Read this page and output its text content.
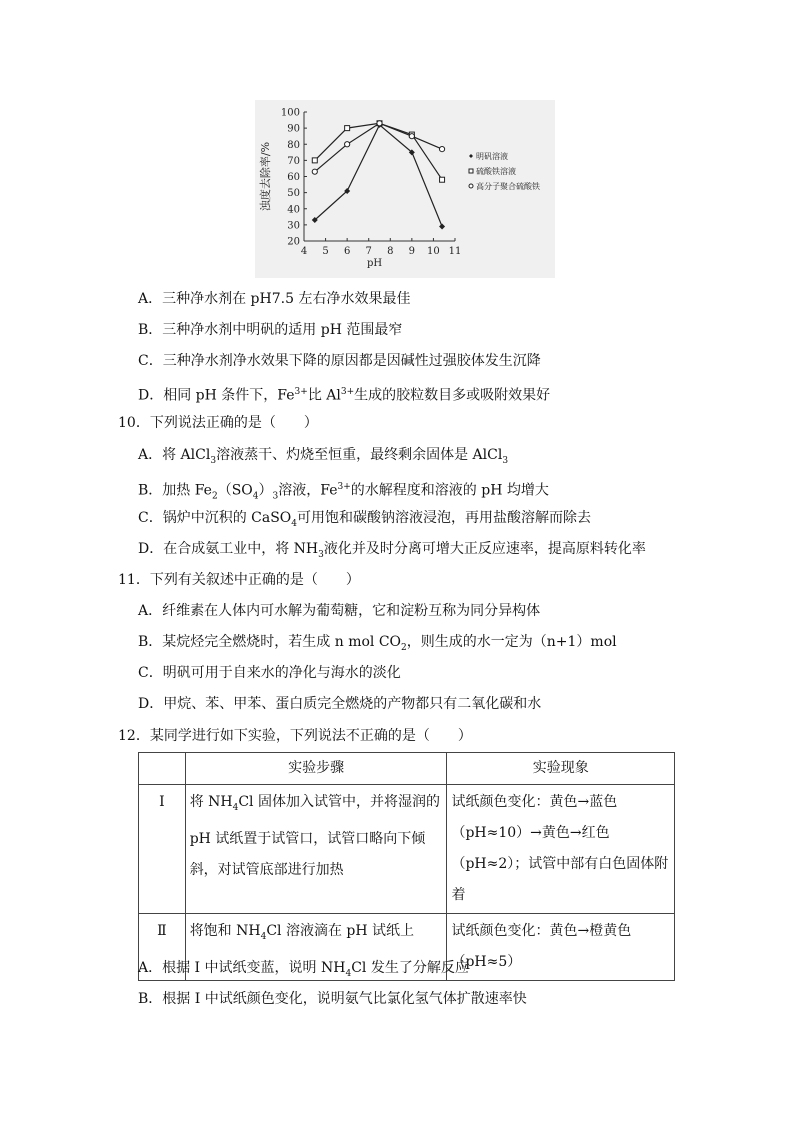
4 5 6 7 8 9 10 11
20
30
40
50
60
70
80
90
100
pH
浊度去除率/%	明矾溶液
硫酸铁溶液
高分子聚合硫酸铁
A．三种净水剂在 pH7.5 左右净水效果最佳
B．三种净水剂中明矾的适用 pH 范围最窄
C．三种净水剂净水效果下降的原因都是因碱性过强胶体发生沉降
D．相同 pH 条件下，$Fe^{3+}$比 $Al^{3+}$生成的胶粒数目多或吸附效果好
10．下列说法正确的是（　　）
A．将 AlCl$_3$溶液蒸干、灼烧至恒重，最终剩余固体是 AlCl$_3$
B．加热 $Fe_2(SO_4)_3$溶液，$Fe^{3+}$的水解程度和溶液的 pH 均增大
C．锅炉中沉积的 CaSO$_4$可用饱和碳酸钠溶液浸泡，再用盐酸溶解而除去
D．在合成氨工业中，将 $NH_3$液化并及时分离可增大正反应速率，提高原料转化率
11．下列有关叙述中正确的是（　　）
A．纤维素在人体内可水解为葡萄糖，它和淀粉互称为同分异构体
B．某烷烃完全燃烧时，若生成 n mol $CO_2$，则生成的水一定为（n+1）mol
C．明矾可用于自来水的净化与海水的淡化
D．甲烷、苯、甲苯、蛋白质完全燃烧的产物都只有二氧化碳和水
12．某同学进行如下实验，下列说法不正确的是（　　）
	实验步骤	实验现象
Ⅰ	将 $NH_4Cl$ 固体加入试管中，并将湿润的 pH 试纸置于试管口，试管口略向下倾斜，对试管底部进行加热	试纸颜色变化：黄色→蓝色（pH≈10）→黄色→红色（pH≈2）；试管中部有白色固体附着
Ⅱ	将饱和 $NH_4Cl$ 溶液滴在 pH 试纸上	试纸颜色变化：黄色→橙黄色（pH≈5）
A．根据 I 中试纸变蓝，说明 $NH_4Cl$ 发生了分解反应
B．根据 I 中试纸颜色变化，说明氨气比氯化氢气体扩散速率快
